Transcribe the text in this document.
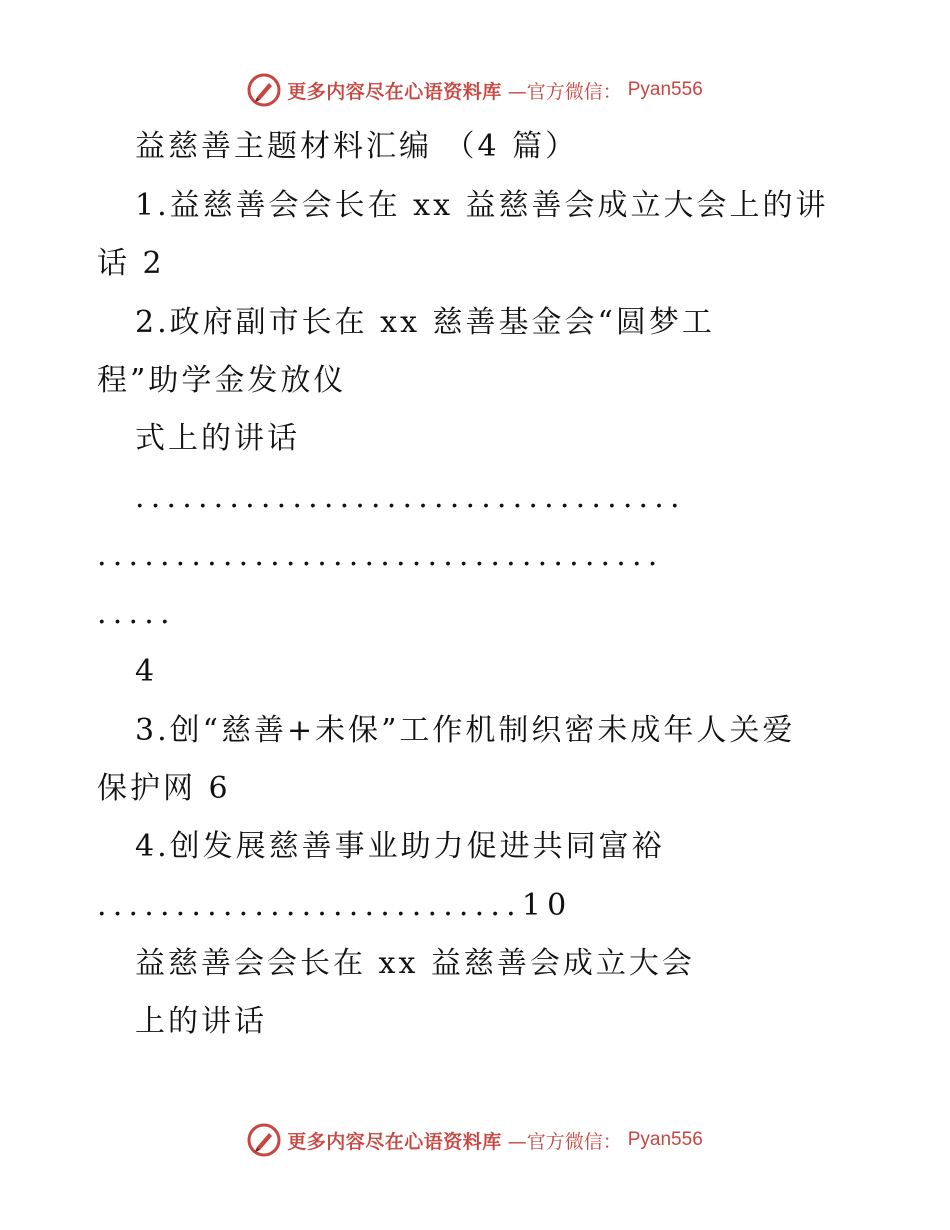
更多内容尽在心语资料库 —官方微信： Pyan556
益慈善主题材料汇编 （4 篇）
1.益慈善会会长在 xx 益慈善会成立大会上的讲
话 2
2.政府副市长在 xx 慈善基金会“圆梦工
程”助学金发放仪
式上的讲话
...................................
....................................
.....
4
3.创“慈善+未保”工作机制织密未成年人关爱
保护网 6
4.创发展慈善事业助力促进共同富裕
...........................10
益慈善会会长在 xx 益慈善会成立大会
上的讲话
更多内容尽在心语资料库 —官方微信： Pyan556
